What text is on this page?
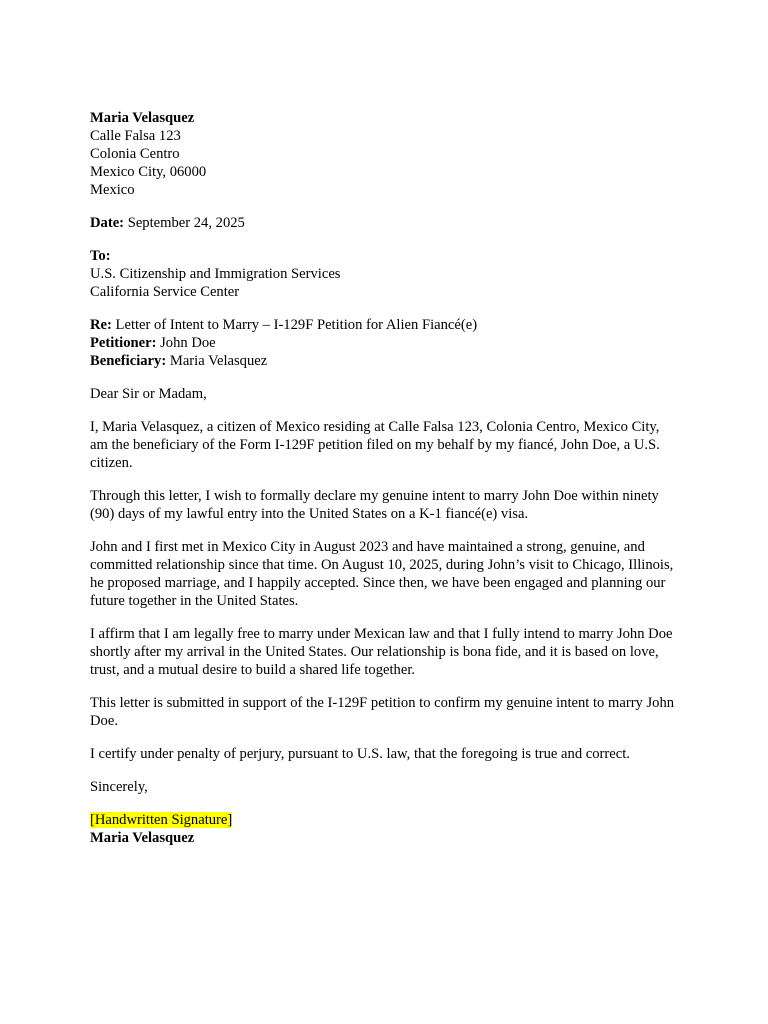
Maria Velasquez
Calle Falsa 123
Colonia Centro
Mexico City, 06000
Mexico
Date: September 24, 2025
To:
U.S. Citizenship and Immigration Services
California Service Center
Re: Letter of Intent to Marry – I-129F Petition for Alien Fiancé(e)
Petitioner: John Doe
Beneficiary: Maria Velasquez

Dear Sir or Madam,

I, Maria Velasquez, a citizen of Mexico residing at Calle Falsa 123, Colonia Centro, Mexico City, am the beneficiary of the Form I-129F petition filed on my behalf by my fiancé, John Doe, a U.S. citizen.

Through this letter, I wish to formally declare my genuine intent to marry John Doe within ninety (90) days of my lawful entry into the United States on a K-1 fiancé(e) visa.

John and I first met in Mexico City in August 2023 and have maintained a strong, genuine, and committed relationship since that time. On August 10, 2025, during John’s visit to Chicago, Illinois, he proposed marriage, and I happily accepted. Since then, we have been engaged and planning our future together in the United States.

I affirm that I am legally free to marry under Mexican law and that I fully intend to marry John Doe shortly after my arrival in the United States. Our relationship is bona fide, and it is based on love, trust, and a mutual desire to build a shared life together.

This letter is submitted in support of the I-129F petition to confirm my genuine intent to marry John Doe.

I certify under penalty of perjury, pursuant to U.S. law, that the foregoing is true and correct.

Sincerely,

[Handwritten Signature]
Maria Velasquez
